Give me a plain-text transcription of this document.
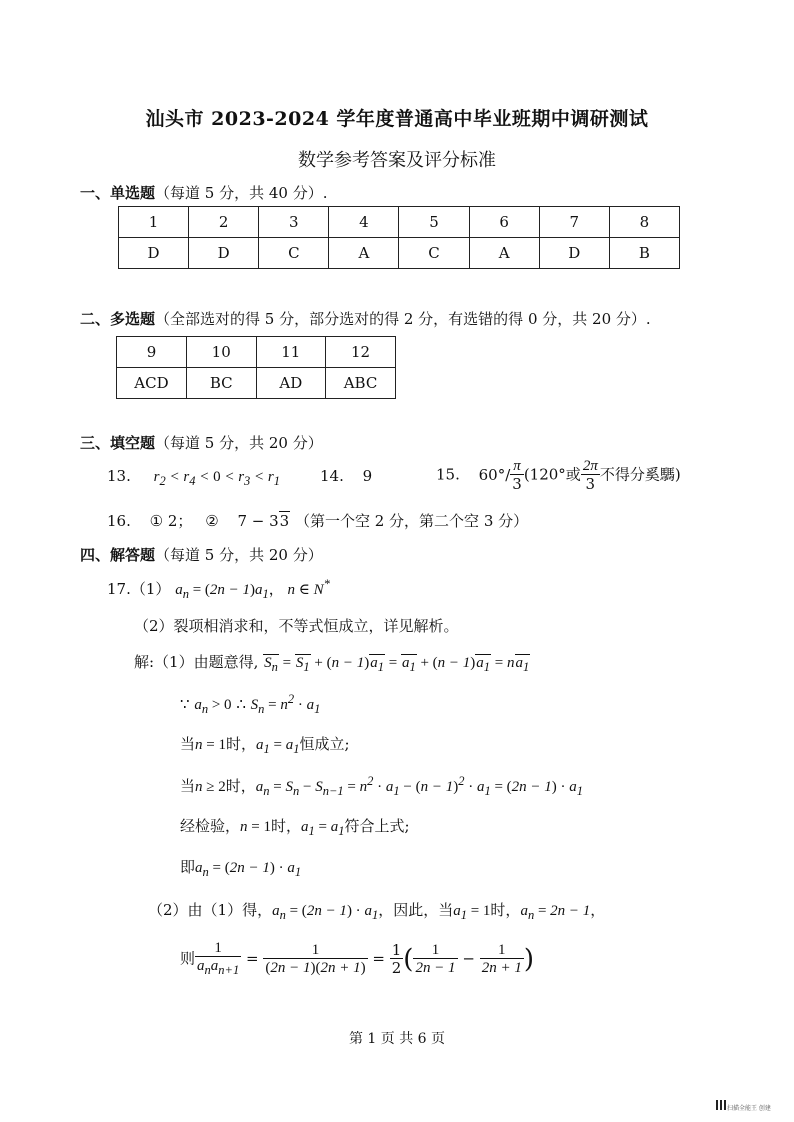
汕头市 2023-2024 学年度普通高中毕业班期中调研测试
数学参考答案及评分标准
一、单选题（每道 5 分，共 40 分）.
1	2	3	4	5	6	7	8
D	D	C	A	C	A	D	B
二、多选题（全部选对的得 5 分，部分选对的得 2 分，有选错的得 0 分，共 20 分）.
9	10	11	12
ACD	BC	AD	ABC
三、填空题（每道 5 分，共 20 分）
13. $r_2 < r_4 < 0 < r_3 < r_1$	14. 9	15. $60^\circ/ \frac{\pi}{3} (120^\circ$或 $\frac{2\pi}{3}$ 不得分奚騳)
16. ① 2； ② 7 − 33 （第一个空 2 分，第二个空 3 分）
四、解答题（每道 5 分，共 20 分）
17.（1） $a_n = (2n - 1)a_1$， n ∈ N*
（2）裂项相消求和，不等式恒成立，详见解析。
解:（1）由题意得, $S_n = S_1 + (n - 1)a_1 = a_1 + (n - 1)a_1 = na_1$
∵ $a_n > 0$ ∴ $S_n = n^2 \cdot a_1$
当n = 1时，$a_1 = a_1$恒成立;
当n ≥ 2时，$a_n = S_n - S_{n-1} = n^2 \cdot a_1 - (n - 1)^2 \cdot a_1 = (2n - 1) \cdot a_1$
经检验，n = 1时，$a_1 = a_1$符合上式;
即$a_n = (2n - 1) \cdot a_1$
（2）由（1）得，$a_n = (2n - 1) \cdot a_1$，因此，当$a_1 = 1$时，$a_n = 2n - 1$，
则 $\frac{1}{a_na_{n+1}} = \frac{1}{(2n - 1)(2n + 1)} = \frac{1}{2}$ ( $\frac{1}{2n - 1} - \frac{1}{2n + 1}$ )
第 1 页 共 6 页
扫描全能王 创建
